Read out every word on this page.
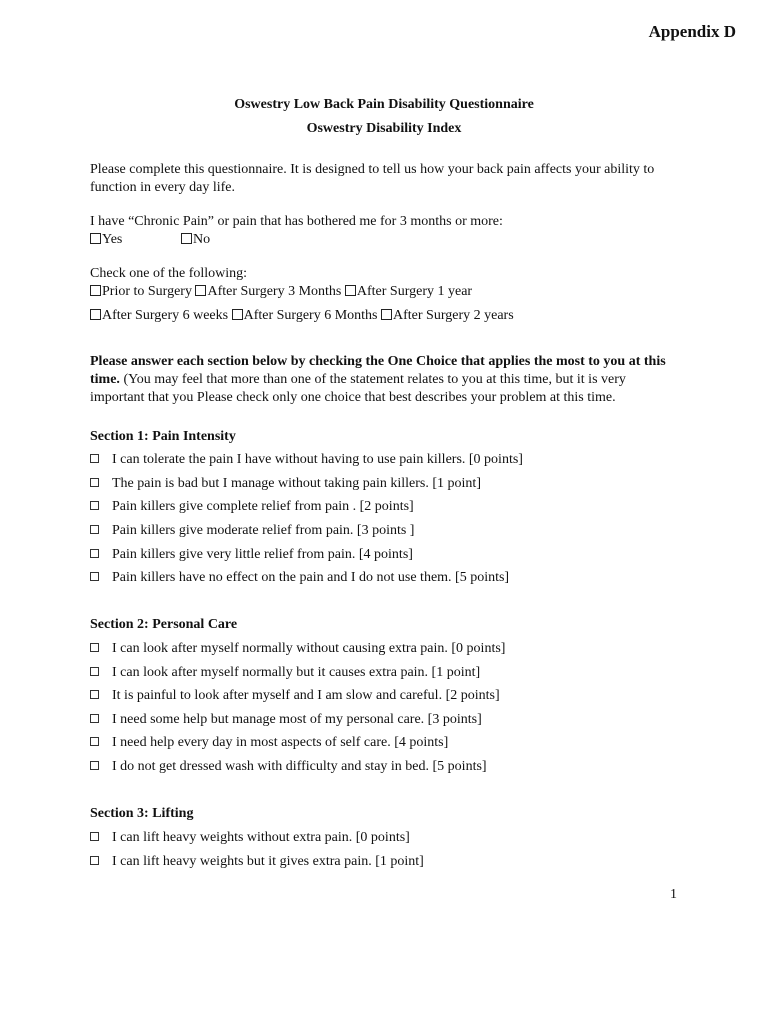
Appendix D
Oswestry Low Back Pain Disability Questionnaire
Oswestry Disability Index
Please complete this questionnaire. It is designed to tell us how your back pain affects your ability to function in every day life.
I have “Chronic Pain” or pain that has bothered me for 3 months or more:
Yes	No
Check one of the following:
Prior to Surgery After Surgery 3 Months After Surgery 1 year
After Surgery 6 weeks After Surgery 6 Months After Surgery 2 years
Please answer each section below by checking the One Choice that applies the most to you at this time. (You may feel that more than one of the statement relates to you at this time, but it is very important that you Please check only one choice that best describes your problem at this time.
Section 1: Pain Intensity
I can tolerate the pain I have without having to use pain killers. [0 points]
The pain is bad but I manage without taking pain killers. [1 point]
Pain killers give complete relief from pain . [2 points]
Pain killers give moderate relief from pain. [3 points ]
Pain killers give very little relief from pain. [4 points]
Pain killers have no effect on the pain and I do not use them. [5 points]
Section 2: Personal Care
I can look after myself normally without causing extra pain. [0 points]
I can look after myself normally but it causes extra pain. [1 point]
It is painful to look after myself and I am slow and careful. [2 points]
I need some help but manage most of my personal care. [3 points]
I need help every day in most aspects of self care. [4 points]
I do not get dressed wash with difficulty and stay in bed. [5 points]
Section 3: Lifting
I can lift heavy weights without extra pain. [0 points]
I can lift heavy weights but it gives extra pain. [1 point]
1
